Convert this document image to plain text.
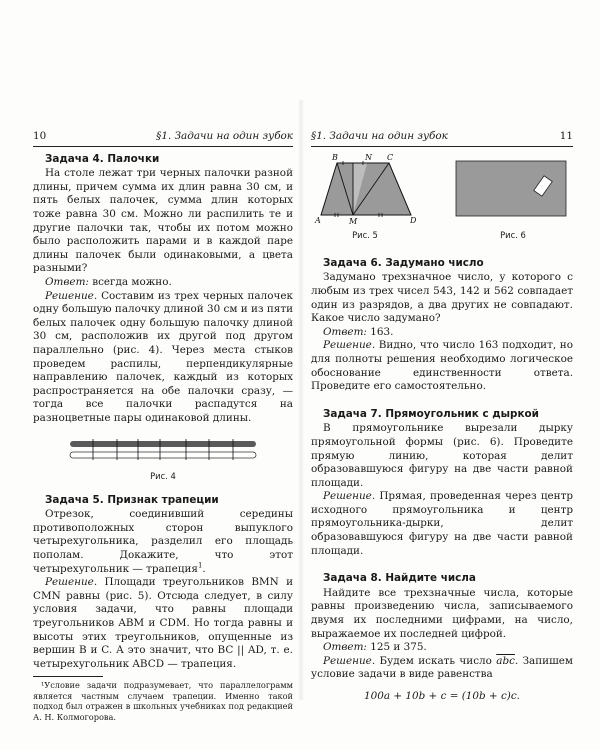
10	§1. Задачи на один зубок
Задача 4. Палочки

На столе лежат три черных палочки разной длины, причем сумма их длин равна 30 см, и пять белых палочек, сумма длин которых тоже равна 30 см. Можно ли распилить те и другие палочки так, чтобы их потом можно было расположить парами и в каждой паре длины палочек были одинаковыми, а цвета разными?

Ответ: всегда можно.

Решение. Составим из трех черных палочек одну большую палочку длиной 30 см и из пяти белых палочек одну большую палочку длиной 30 см, расположив их другой под другом параллельно (рис. 4). Через места стыков проведем распилы, перпендикулярные направлению палочек, каждый из которых распространяется на обе палочки сразу, — тогда все палочки распадутся на разноцветные пары одинаковой длины.

Рис. 4
Задача 5. Признак трапеции

Отрезок, соединивший середины противоположных сторон выпуклого четырехугольника, разделил его площадь пополам. Докажите, что этот четырехугольник — трапеция$^1$.

Решение. Площади треугольников BMN и CMN равны (рис. 5). Отсюда следует, в силу условия задачи, что равны площади треугольников ABM и CDM. Но тогда равны и высоты этих треугольников, опущенные из вершин B и C. А это значит, что BC || AD, т. е. четырехугольник ABCD — трапеция.

¹Условие задачи подразумевает, что параллелограмм является частным случаем трапеции. Именно такой подход был отражен в школьных учебниках под редакцией А. Н. Колмогорова.
§1. Задачи на один зубок	11
A
B	N C
M	D
Рис. 5	Рис. 6
Задача 6. Задумано число

Задумано трехзначное число, у которого с любым из трех чисел 543, 142 и 562 совпадает один из разрядов, а два других не совпадают. Какое число задумано?

Ответ: 163.

Решение. Видно, что число 163 подходит, но для полноты решения необходимо логическое обоснование единственности ответа. Проведите его самостоятельно.

Задача 7. Прямоугольник с дыркой

В прямоугольнике вырезали дырку прямоугольной формы (рис. 6). Проведите прямую линию, которая делит образовавшуюся фигуру на две части равной площади.

Решение. Прямая, проведенная через центр исходного прямоугольника и центр прямоугольника-дырки, делит образовавшуюся фигуру на две части равной площади.

Задача 8. Найдите числа

Найдите все трехзначные числа, которые равны произведению числа, записываемого двумя их последними цифрами, на число, выражаемое их последней цифрой.

Ответ: 125 и 375.

Решение. Будем искать число $\overline{abc}$. Запишем условие задачи в виде равенства

100a + 10b + c = (10b + c)c.
